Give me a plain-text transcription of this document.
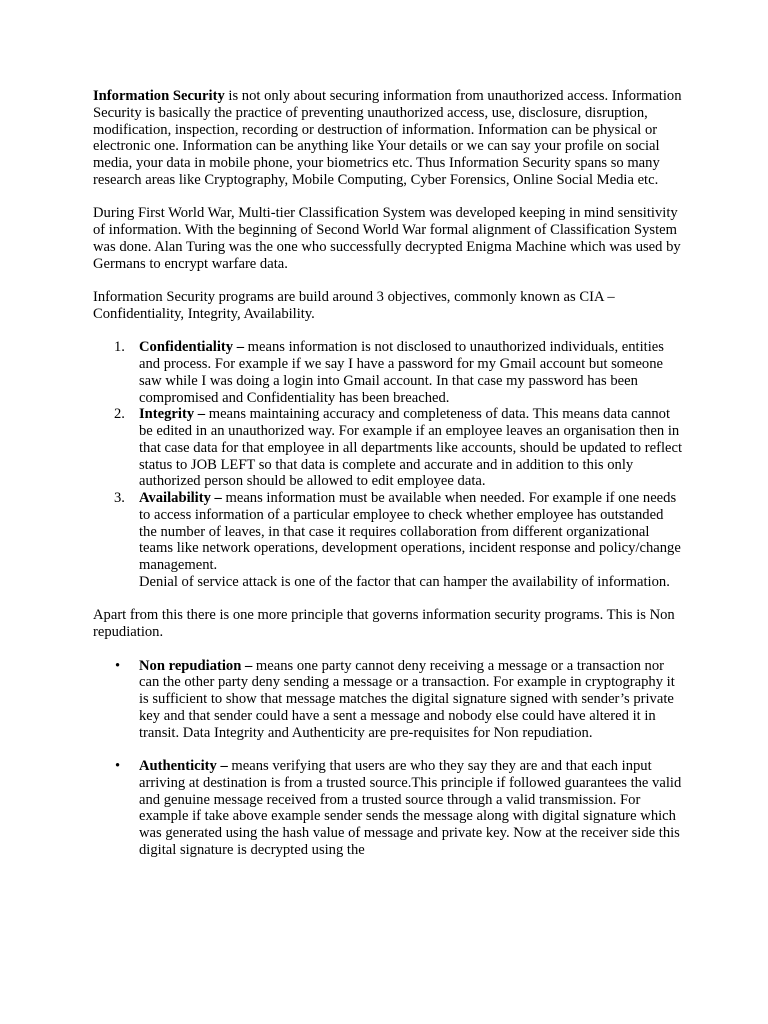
Information Security is not only about securing information from unauthorized access. Information Security is basically the practice of preventing unauthorized access, use, disclosure, disruption, modification, inspection, recording or destruction of information. Information can be physical or electronic one. Information can be anything like Your details or we can say your profile on social media, your data in mobile phone, your biometrics etc. Thus Information Security spans so many research areas like Cryptography, Mobile Computing, Cyber Forensics, Online Social Media etc.

During First World War, Multi-tier Classification System was developed keeping in mind sensitivity of information. With the beginning of Second World War formal alignment of Classification System was done. Alan Turing was the one who successfully decrypted Enigma Machine which was used by Germans to encrypt warfare data.

Information Security programs are build around 3 objectives, commonly known as CIA – Confidentiality, Integrity, Availability.

1. Confidentiality – means information is not disclosed to unauthorized individuals, entities and process. For example if we say I have a password for my Gmail account but someone saw while I was doing a login into Gmail account. In that case my password has been compromised and Confidentiality has been breached.
2. Integrity – means maintaining accuracy and completeness of data. This means data cannot be edited in an unauthorized way. For example if an employee leaves an organisation then in that case data for that employee in all departments like accounts, should be updated to reflect status to JOB LEFT so that data is complete and accurate and in addition to this only authorized person should be allowed to edit employee data.
3. Availability – means information must be available when needed. For example if one needs to access information of a particular employee to check whether employee has outstanded the number of leaves, in that case it requires collaboration from different organizational teams like network operations, development operations, incident response and policy/change management.
Denial of service attack is one of the factor that can hamper the availability of information.

Apart from this there is one more principle that governs information security programs. This is Non repudiation.

• Non repudiation – means one party cannot deny receiving a message or a transaction nor can the other party deny sending a message or a transaction. For example in cryptography it is sufficient to show that message matches the digital signature signed with sender’s private key and that sender could have a sent a message and nobody else could have altered it in transit. Data Integrity and Authenticity are pre-requisites for Non repudiation.
• Authenticity – means verifying that users are who they say they are and that each input arriving at destination is from a trusted source.This principle if followed guarantees the valid and genuine message received from a trusted source through a valid transmission. For example if take above example sender sends the message along with digital signature which was generated using the hash value of message and private key. Now at the receiver side this digital signature is decrypted using the
